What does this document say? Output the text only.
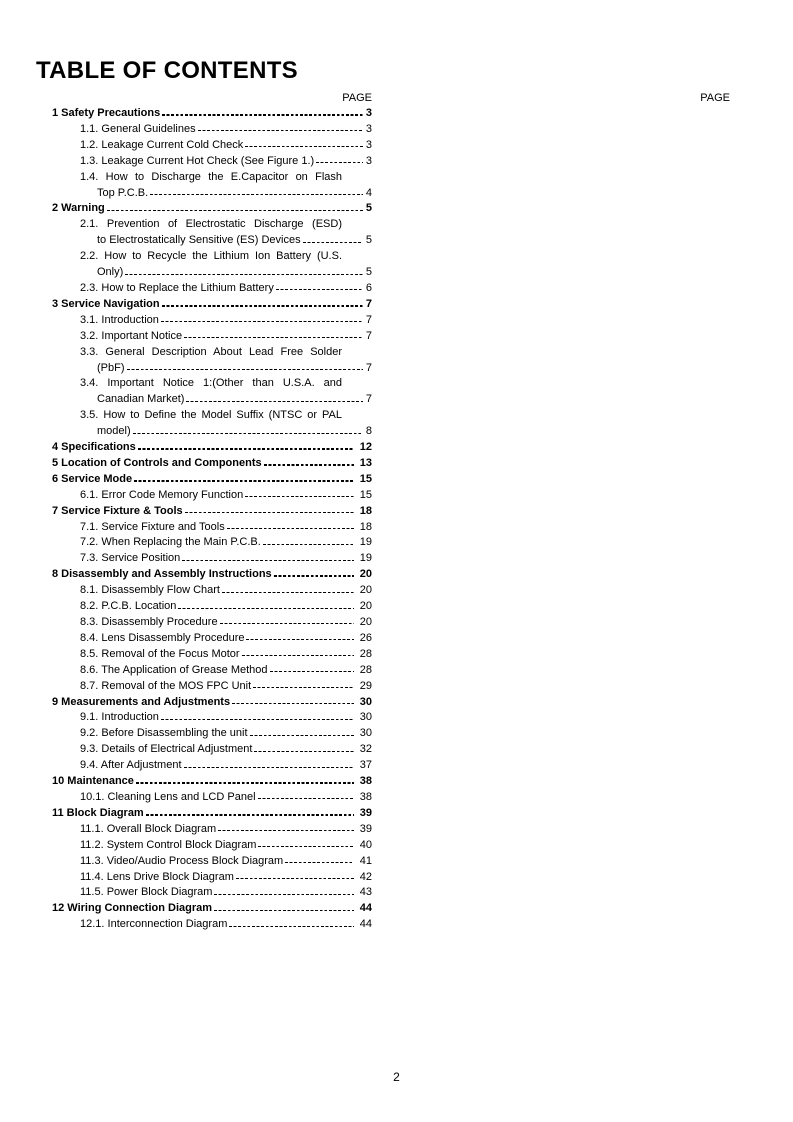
TABLE OF CONTENTS
PAGE	PAGE
1 Safety Precautions	3
1.1. General Guidelines	3
1.2. Leakage Current Cold Check	3
1.3. Leakage Current Hot Check (See Figure 1.)	3
1.4. How to Discharge the E.Capacitor on Flash
Top P.C.B.	4
2 Warning	5
2.1. Prevention of Electrostatic Discharge (ESD)
to Electrostatically Sensitive (ES) Devices	5
2.2. How to Recycle the Lithium Ion Battery (U.S.
Only)	5
2.3. How to Replace the Lithium Battery	6
3 Service Navigation	7
3.1. Introduction	7
3.2. Important Notice	7
3.3. General Description About Lead Free Solder
(PbF)	7
3.4. Important Notice 1:(Other than U.S.A. and
Canadian Market)	7
3.5. How to Define the Model Suffix (NTSC or PAL
model)	8
4 Specifications	12
5 Location of Controls and Components	13
6 Service Mode	15
6.1. Error Code Memory Function	15
7 Service Fixture & Tools	18
7.1. Service Fixture and Tools	18
7.2. When Replacing the Main P.C.B.	19
7.3. Service Position	19
8 Disassembly and Assembly Instructions	20
8.1. Disassembly Flow Chart	20
8.2. P.C.B. Location	20
8.3. Disassembly Procedure	20
8.4. Lens Disassembly Procedure	26
8.5. Removal of the Focus Motor	28
8.6. The Application of Grease Method	28
8.7. Removal of the MOS FPC Unit	29
9 Measurements and Adjustments	30
9.1. Introduction	30
9.2. Before Disassembling the unit	30
9.3. Details of Electrical Adjustment	32
9.4. After Adjustment	37
10 Maintenance	38
10.1. Cleaning Lens and LCD Panel	38
11 Block Diagram	39
11.1. Overall Block Diagram	39
11.2. System Control Block Diagram	40
11.3. Video/Audio Process Block Diagram	41
11.4. Lens Drive Block Diagram	42
11.5. Power Block Diagram	43
12 Wiring Connection Diagram	44
12.1. Interconnection Diagram	44
2
